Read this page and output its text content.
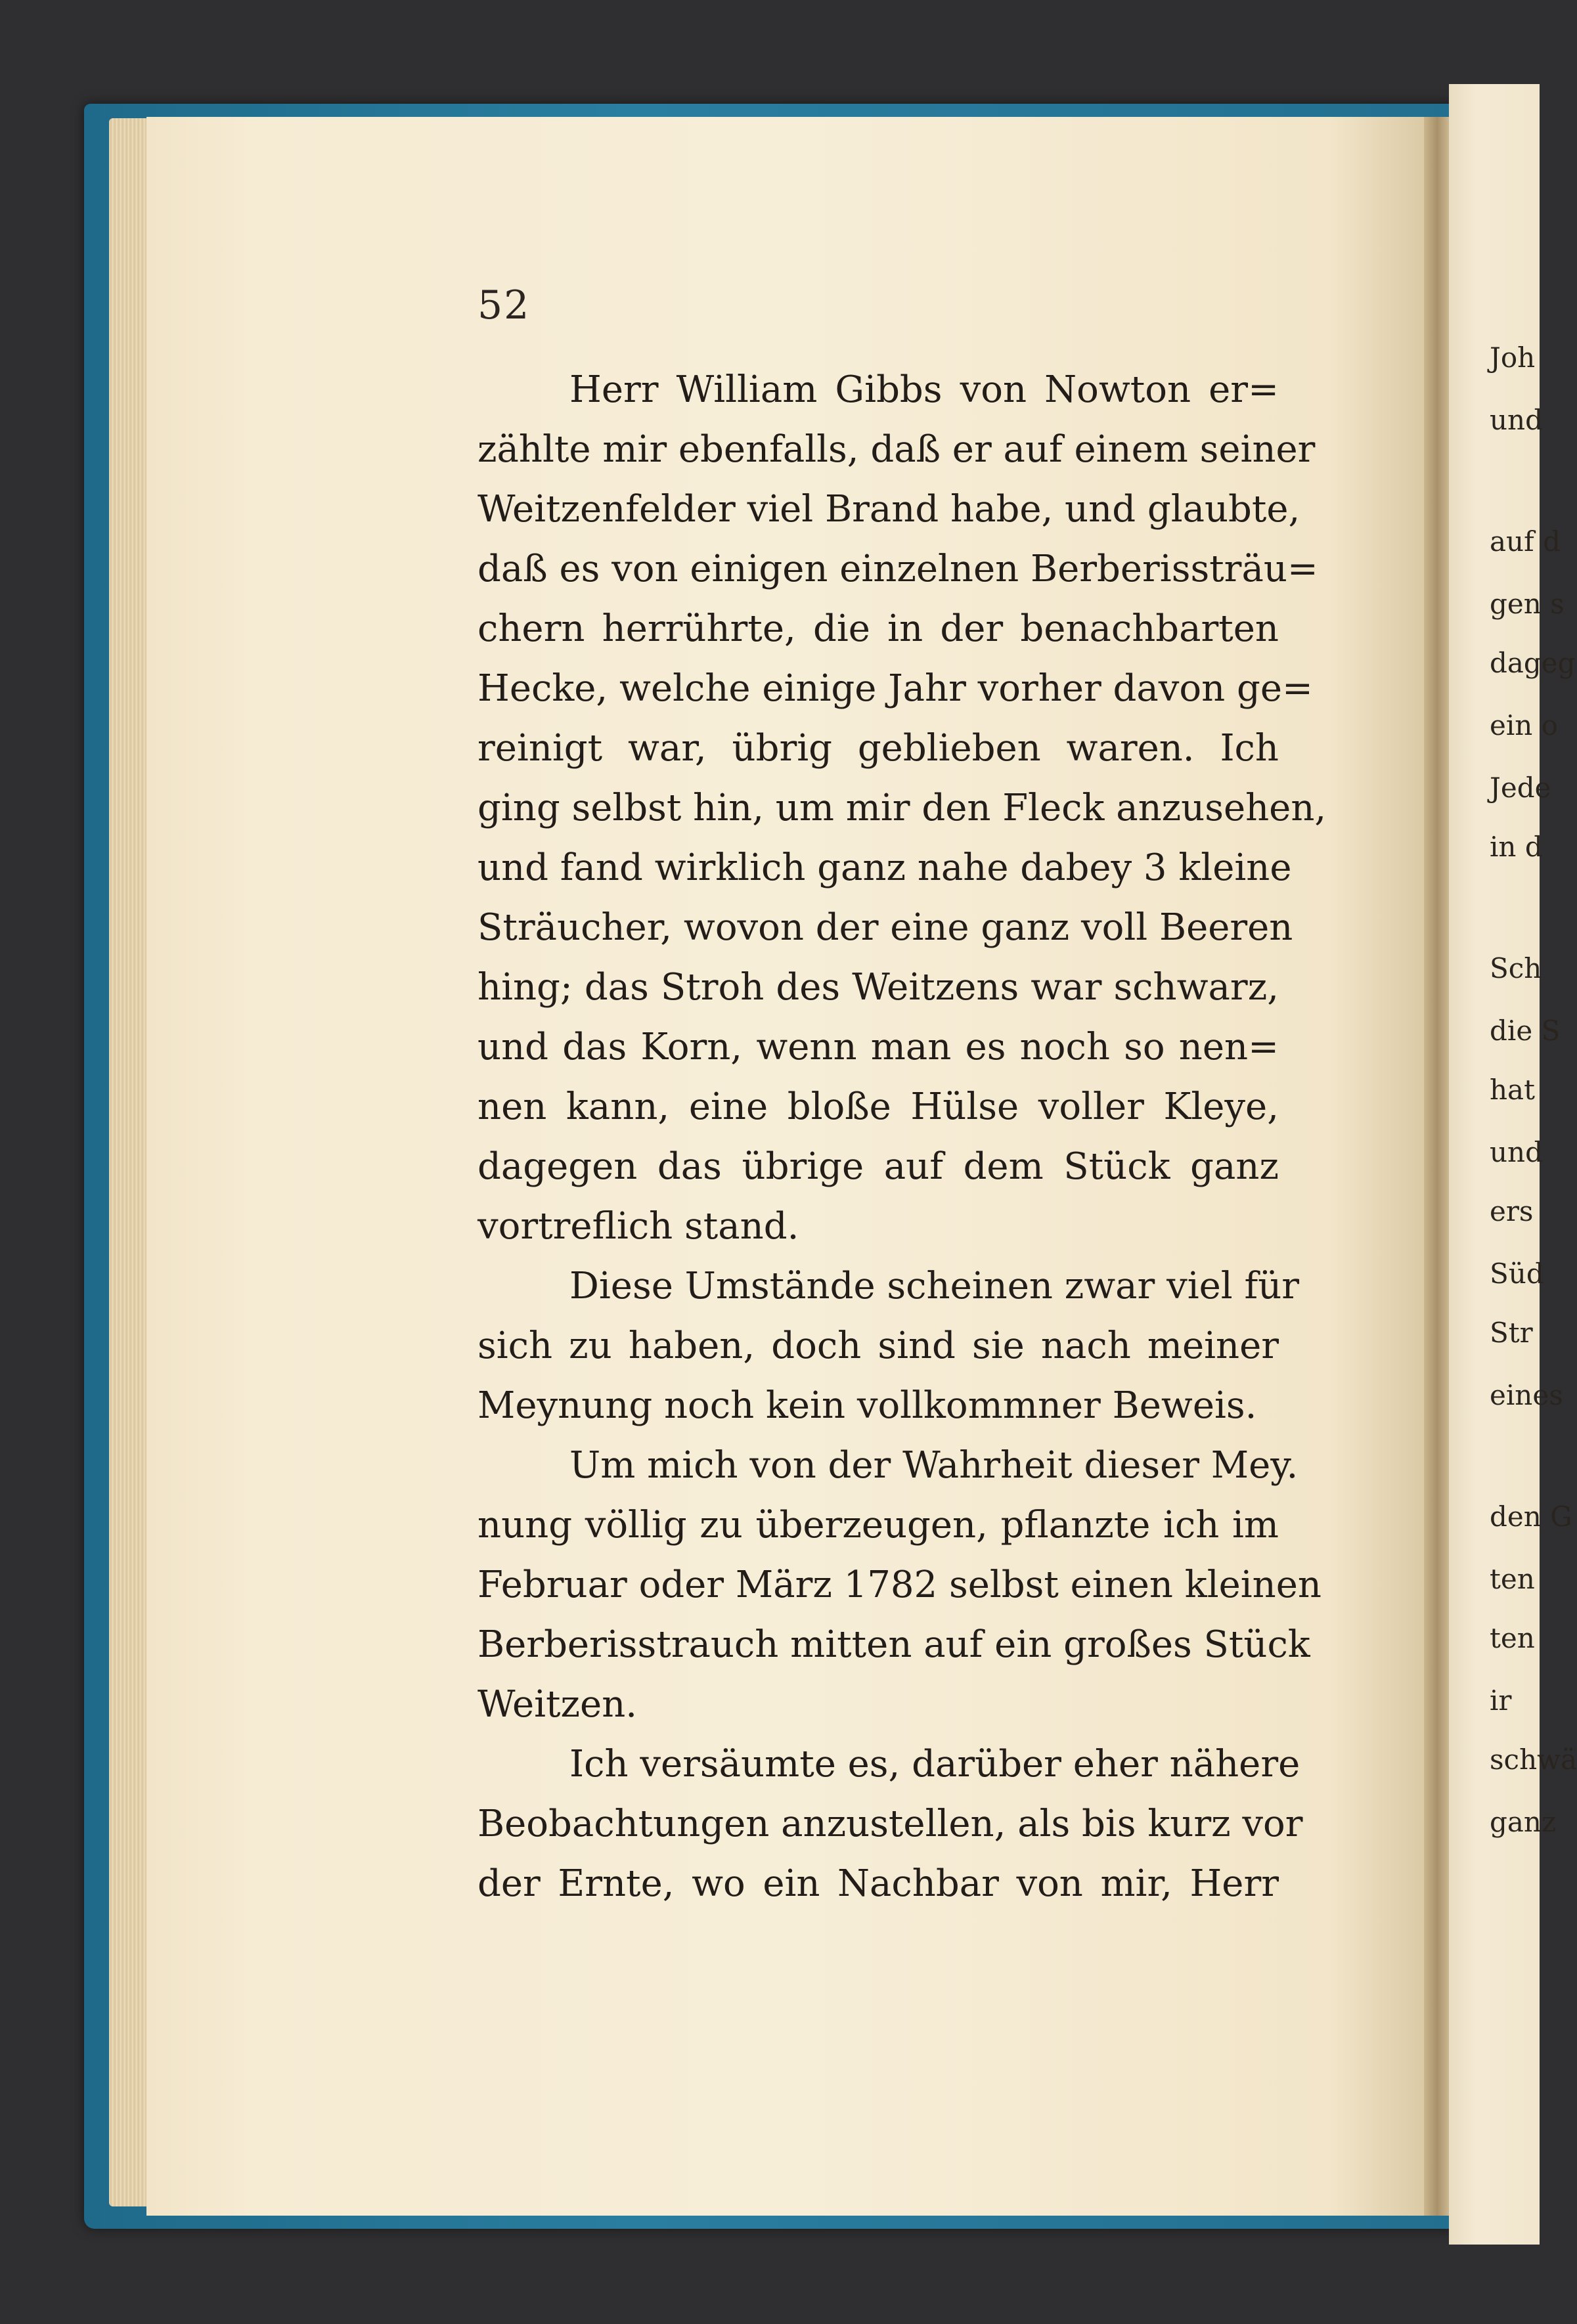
52
Herr William Gibbs von Nowton er=
zählte mir ebenfalls, daß er auf einem seiner
Weitzenfelder viel Brand habe, und glaubte,
daß es von einigen einzelnen Berberissträu=
chern herrührte, die in der benachbarten
Hecke, welche einige Jahr vorher davon ge=
reinigt war, übrig geblieben waren. Ich
ging selbst hin, um mir den Fleck anzusehen,
und fand wirklich ganz nahe dabey 3 kleine
Sträucher, wovon der eine ganz voll Beeren
hing; das Stroh des Weitzens war schwarz,
und das Korn, wenn man es noch so nen=
nen kann, eine bloße Hülse voller Kleye,
dagegen das übrige auf dem Stück ganz
vortreflich stand.
Diese Umstände scheinen zwar viel für
sich zu haben, doch sind sie nach meiner
Meynung noch kein vollkommner Beweis.
Um mich von der Wahrheit dieser Mey.
nung völlig zu überzeugen, pflanzte ich im
Februar oder März 1782 selbst einen kleinen
Berberisstrauch mitten auf ein großes Stück
Weitzen.
Ich versäumte es, darüber eher nähere
Beobachtungen anzustellen, als bis kurz vor
der Ernte, wo ein Nachbar von mir, Herr
Joh
und
auf d
gen s
dageg
ein o
Jede
in d
Sch
die S
hat
und
ers
Süd
Str
eines
den G
ten
ten
ir
schwä
ganz
